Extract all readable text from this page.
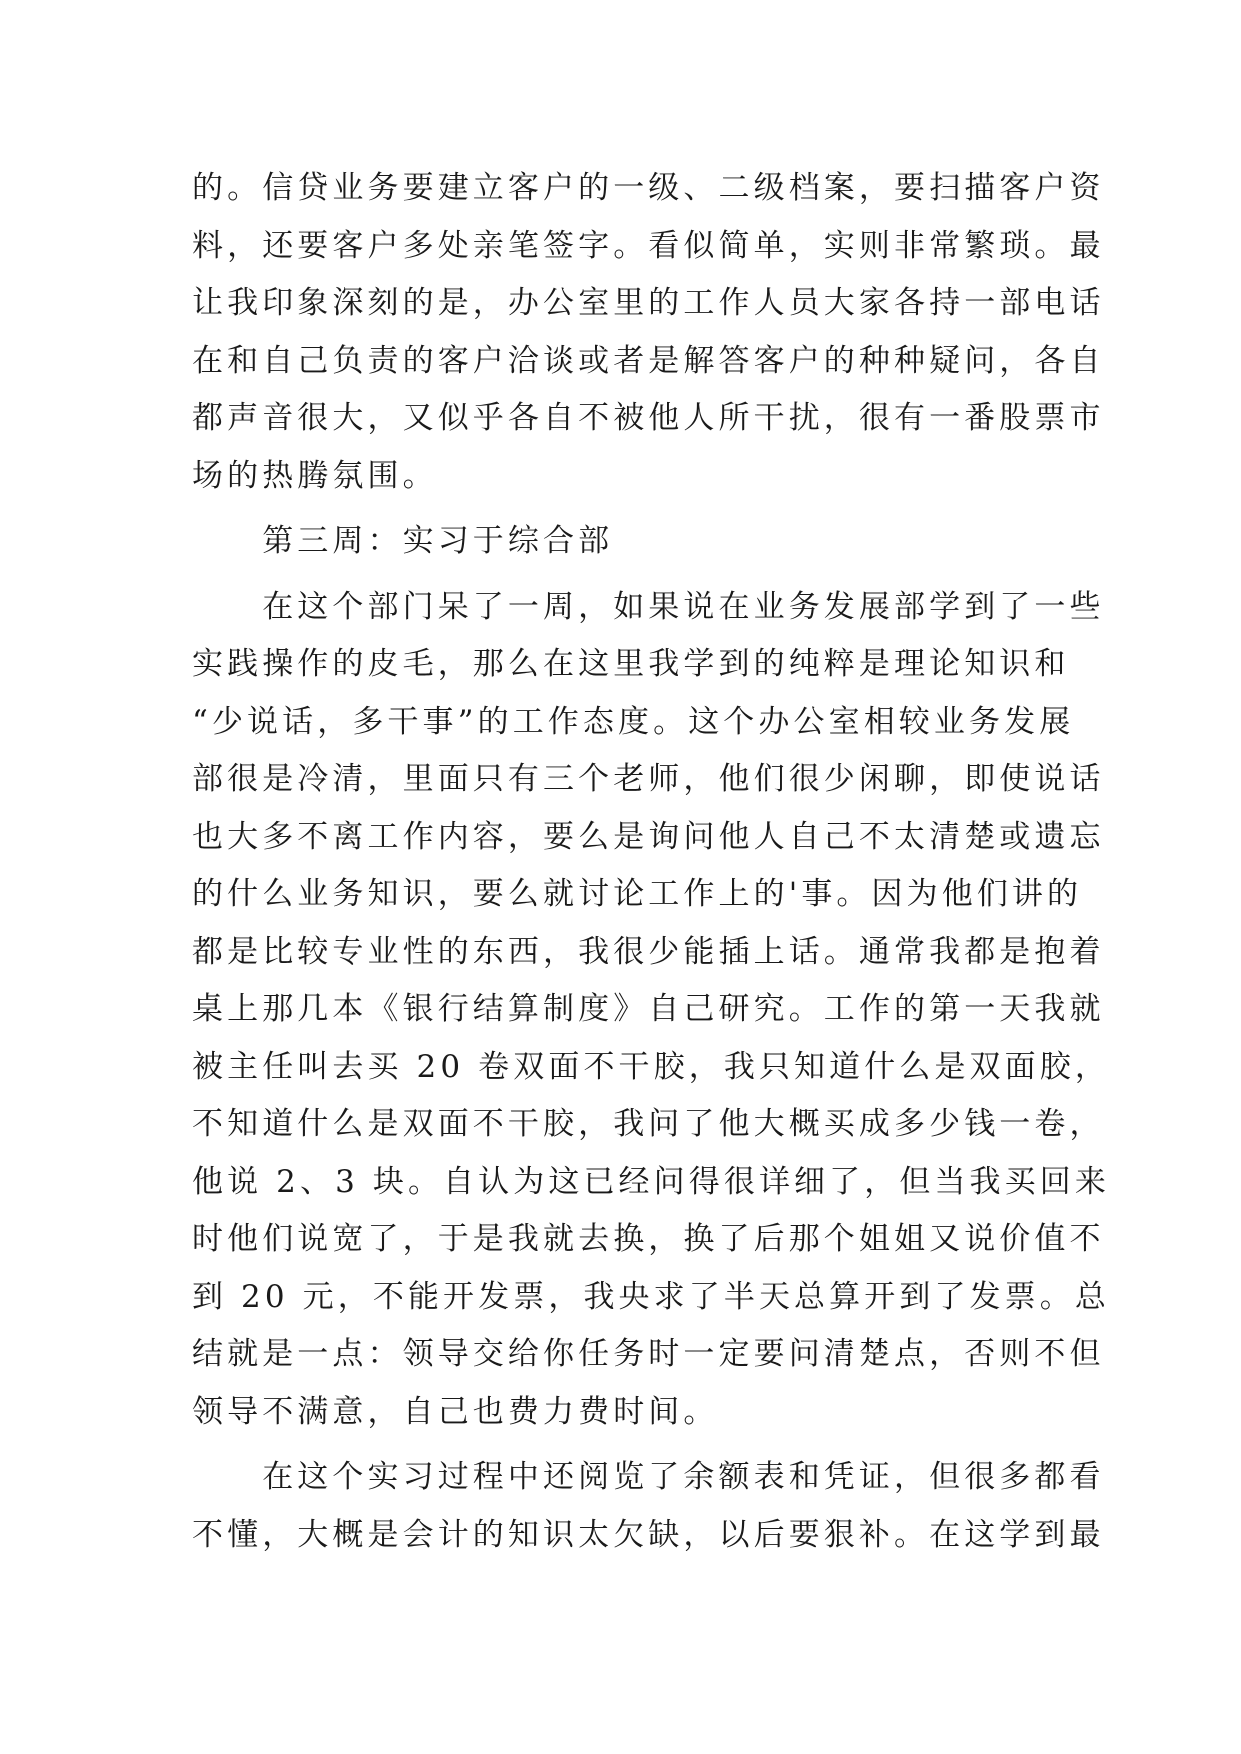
的。信贷业务要建立客户的一级、二级档案，要扫描客户资
料，还要客户多处亲笔签字。看似简单，实则非常繁琐。最
让我印象深刻的是，办公室里的工作人员大家各持一部电话
在和自己负责的客户洽谈或者是解答客户的种种疑问，各自
都声音很大，又似乎各自不被他人所干扰，很有一番股票市
场的热腾氛围。
　　第三周：实习于综合部
　　在这个部门呆了一周，如果说在业务发展部学到了一些
实践操作的皮毛，那么在这里我学到的纯粹是理论知识和
“少说话，多干事”的工作态度。这个办公室相较业务发展
部很是冷清，里面只有三个老师，他们很少闲聊，即使说话
也大多不离工作内容，要么是询问他人自己不太清楚或遗忘
的什么业务知识，要么就讨论工作上的'事。因为他们讲的
都是比较专业性的东西，我很少能插上话。通常我都是抱着
桌上那几本《银行结算制度》自己研究。工作的第一天我就
被主任叫去买 20 卷双面不干胶，我只知道什么是双面胶，
不知道什么是双面不干胶，我问了他大概买成多少钱一卷，
他说 2、3 块。自认为这已经问得很详细了，但当我买回来
时他们说宽了，于是我就去换，换了后那个姐姐又说价值不
到 20 元，不能开发票，我央求了半天总算开到了发票。总
结就是一点：领导交给你任务时一定要问清楚点，否则不但
领导不满意，自己也费力费时间。
　　在这个实习过程中还阅览了余额表和凭证，但很多都看
不懂，大概是会计的知识太欠缺，以后要狠补。在这学到最
